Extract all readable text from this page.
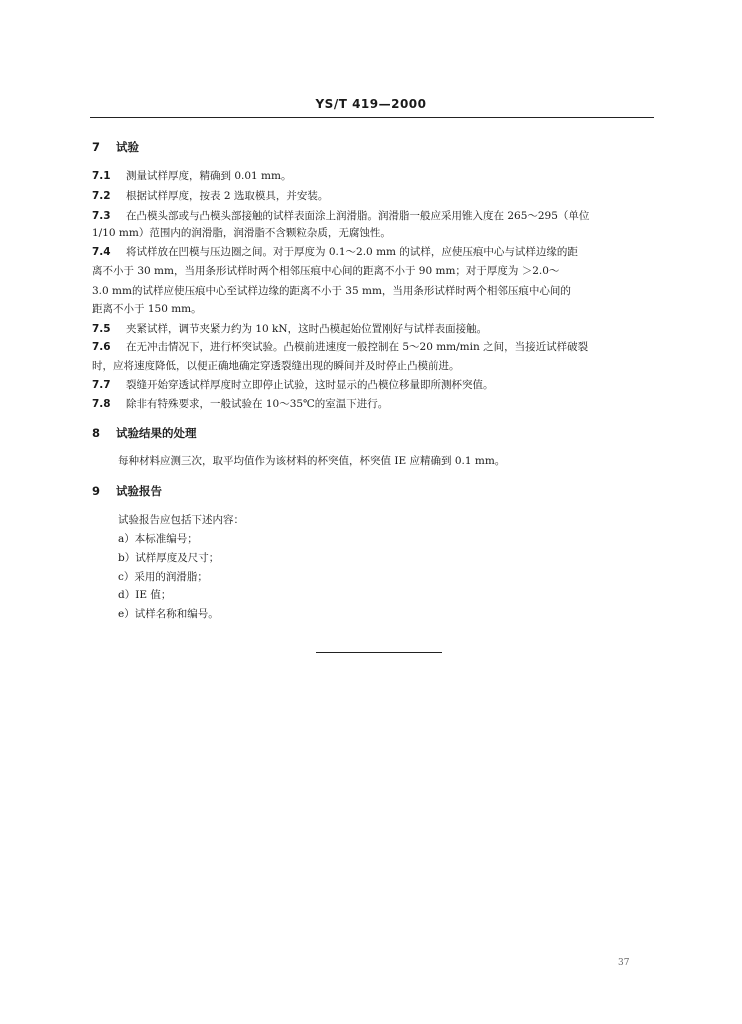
YS/T 419—2000
7 试验
7.1 测量试样厚度，精确到 0.01 mm。
7.2 根据试样厚度，按表 2 选取模具，并安装。
7.3 在凸模头部或与凸模头部接触的试样表面涂上润滑脂。润滑脂一般应采用锥入度在 265～295（单位
1/10 mm）范围内的润滑脂，润滑脂不含颗粒杂质，无腐蚀性。
7.4 将试样放在凹模与压边圈之间。对于厚度为 0.1～2.0 mm 的试样，应使压痕中心与试样边缘的距
离不小于 30 mm，当用条形试样时两个相邻压痕中心间的距离不小于 90 mm；对于厚度为 ＞2.0～
3.0 mm的试样应使压痕中心至试样边缘的距离不小于 35 mm，当用条形试样时两个相邻压痕中心间的
距离不小于 150 mm。
7.5 夹紧试样，调节夹紧力约为 10 kN，这时凸模起始位置刚好与试样表面接触。
7.6 在无冲击情况下，进行杯突试验。凸模前进速度一般控制在 5～20 mm/min 之间，当接近试样破裂
时，应将速度降低，以便正确地确定穿透裂缝出现的瞬间并及时停止凸模前进。
7.7 裂缝开始穿透试样厚度时立即停止试验，这时显示的凸模位移量即所测杯突值。
7.8 除非有特殊要求，一般试验在 10～35℃的室温下进行。
8 试验结果的处理
每种材料应测三次，取平均值作为该材料的杯突值，杯突值 IE 应精确到 0.1 mm。
9 试验报告
试验报告应包括下述内容：
a）本标准编号；
b）试样厚度及尺寸；
c）采用的润滑脂；
d）IE 值；
e）试样名称和编号。
37
